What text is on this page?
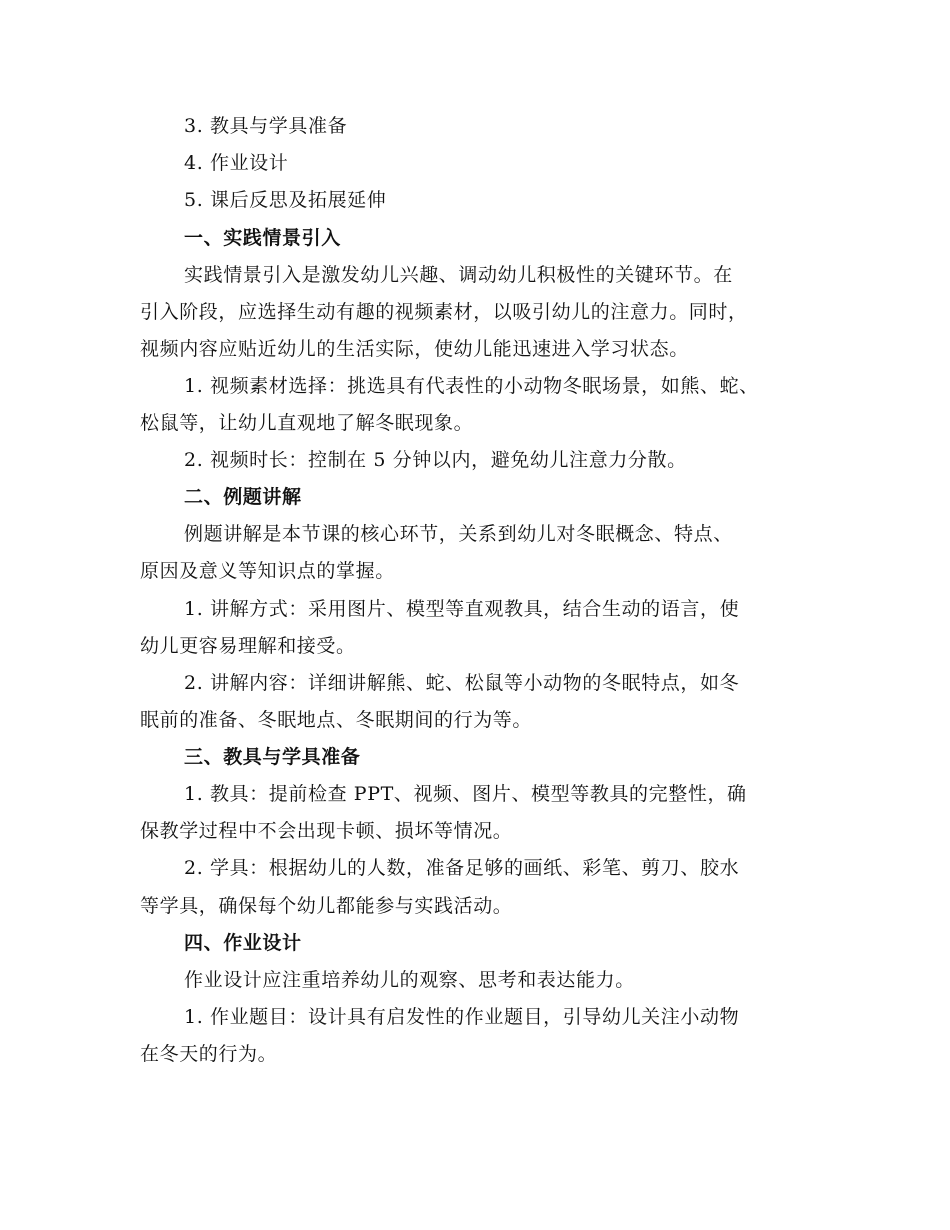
3. 教具与学具准备
4. 作业设计
5. 课后反思及拓展延伸
一、实践情景引入
实践情景引入是激发幼儿兴趣、调动幼儿积极性的关键环节。在
引入阶段，应选择生动有趣的视频素材，以吸引幼儿的注意力。同时，
视频内容应贴近幼儿的生活实际，使幼儿能迅速进入学习状态。
1. 视频素材选择：挑选具有代表性的小动物冬眠场景，如熊、蛇、
松鼠等，让幼儿直观地了解冬眠现象。
2. 视频时长：控制在 5 分钟以内，避免幼儿注意力分散。
二、例题讲解
例题讲解是本节课的核心环节，关系到幼儿对冬眠概念、特点、
原因及意义等知识点的掌握。
1. 讲解方式：采用图片、模型等直观教具，结合生动的语言，使
幼儿更容易理解和接受。
2. 讲解内容：详细讲解熊、蛇、松鼠等小动物的冬眠特点，如冬
眠前的准备、冬眠地点、冬眠期间的行为等。
三、教具与学具准备
1. 教具：提前检查 PPT、视频、图片、模型等教具的完整性，确
保教学过程中不会出现卡顿、损坏等情况。
2. 学具：根据幼儿的人数，准备足够的画纸、彩笔、剪刀、胶水
等学具，确保每个幼儿都能参与实践活动。
四、作业设计
作业设计应注重培养幼儿的观察、思考和表达能力。
1. 作业题目：设计具有启发性的作业题目，引导幼儿关注小动物
在冬天的行为。
